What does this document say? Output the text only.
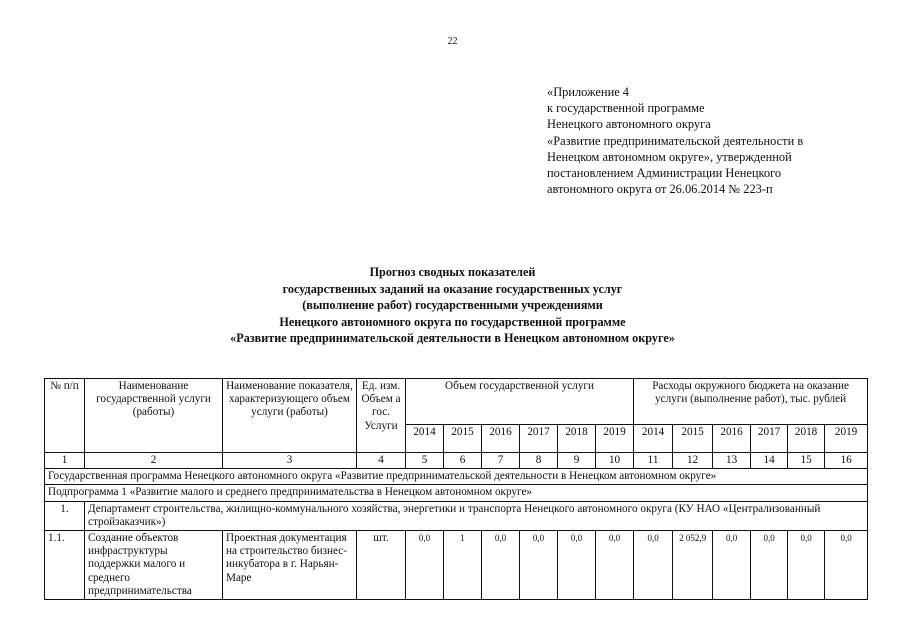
22
«Приложение 4
к государственной программе
Ненецкого автономного округа
«Развитие предпринимательской деятельности в
Ненецком автономном округе», утвержденной
постановлением Администрации Ненецкого
автономного округа от 26.06.2014 № 223-п
Прогноз сводных показателей
государственных заданий на оказание государственных услуг
(выполнение работ) государственными учреждениями
Ненецкого автономного округа по государственной программе
«Развитие предпринимательской деятельности в Ненецком автономном округе»
№ п/п	Наименование государственной услуги (работы)	Наименование показателя, характеризующего объем услуги (работы)	Ед. изм. Объем а гос. Услуги	Объем государственной услуги						Расходы окружного бюджета на оказание услуги (выполнение работ), тыс. рублей					
				2014	2015	2016	2017	2018	2019	2014	2015	2016	2017	2018	2019
1	2	3	4	5	6	7	8	9	10	11	12	13	14	15	16
Государственная программа Ненецкого автономного округа «Развитие предпринимательской деятельности в Ненецком автономном округе»															
Подпрограмма 1 «Развитие малого и среднего предпринимательства в Ненецком автономном округе»															
1.	Департамент строительства, жилищно-коммунального хозяйства, энергетики и транспорта Ненецкого автономного округа (КУ НАО «Централизованный стройзаказчик»)														
1.1.	Создание объектов инфраструктуры поддержки малого и среднего предпринимательства	Проектная документация на строительство бизнес-инкубатора в г. Нарьян-Маре	шт.	0,0	1	0,0	0,0	0,0	0,0	0,0	2 052,9	0,0	0,0	0,0	0,0
